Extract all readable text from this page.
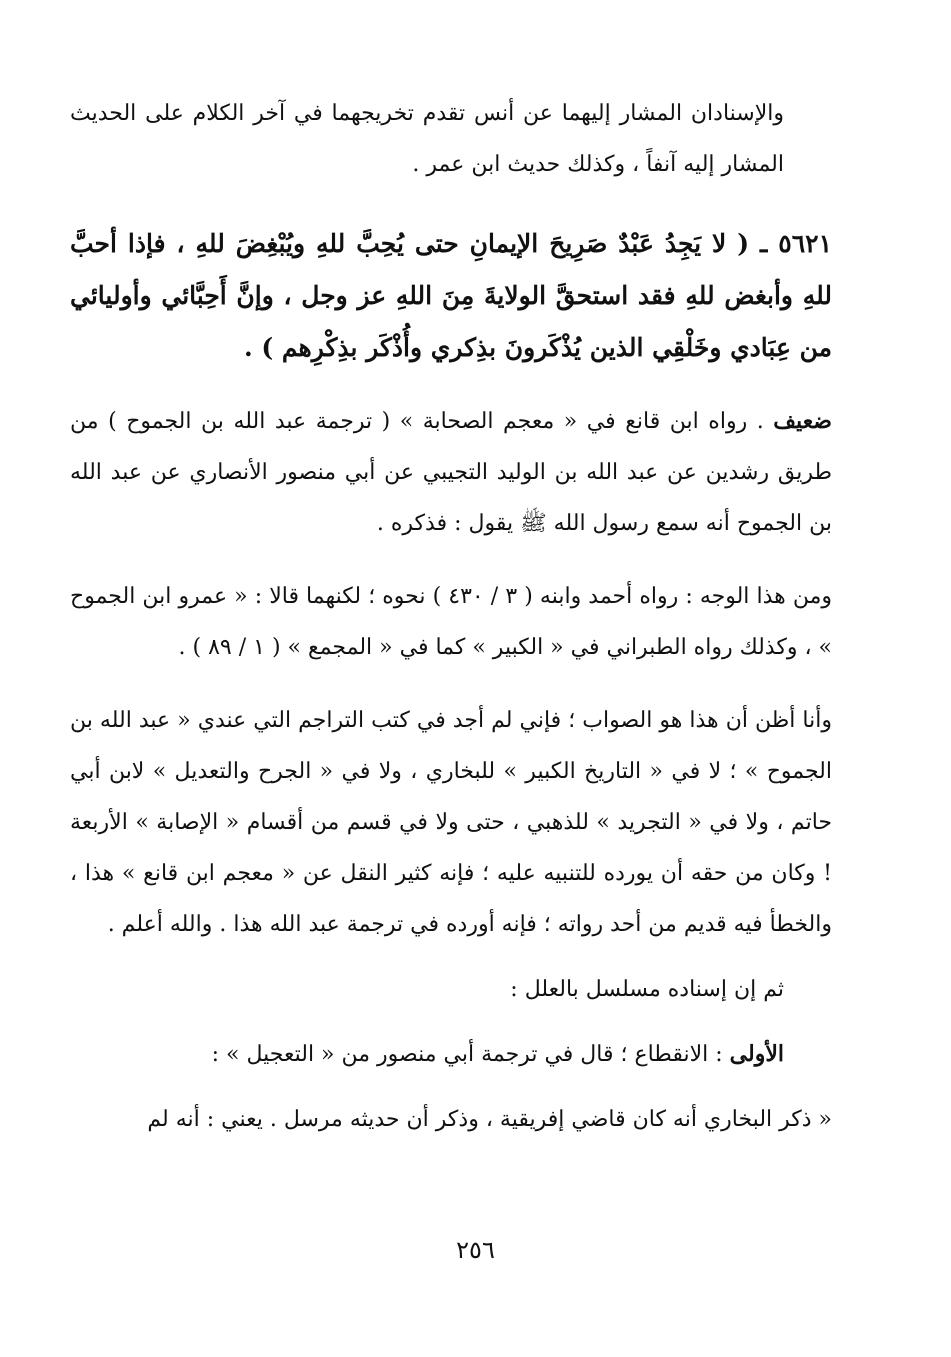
والإسنادان المشار إليهما عن أنس تقدم تخريجهما في آخر الكلام على الحديث المشار إليه آنفاً ، وكذلك حديث ابن عمر .

٥٦٢١ ـ ( لا يَجِدُ عَبْدٌ صَرِيحَ الإيمانِ حتى يُحِبَّ للهِ ويُبْغِضَ للهِ ، فإذا أحبَّ للهِ وأبغض للهِ فقد استحقَّ الولايةَ مِنَ اللهِ عز وجل ، وإنَّ أَحِبَّائي وأوليائي من عِبَادي وخَلْقِي الذين يُذْكَرونَ بذِكري وأُذْكَر بذِكْرِهم ) .

ضعيف . رواه ابن قانع في « معجم الصحابة » ( ترجمة عبد الله بن الجموح ) من طريق رشدين عن عبد الله بن الوليد التجيبي عن أبي منصور الأنصاري عن عبد الله بن الجموح أنه سمع رسول الله ﷺ يقول : فذكره .

ومن هذا الوجه : رواه أحمد وابنه ( ٣ / ٤٣٠ ) نحوه ؛ لكنهما قالا : « عمرو ابن الجموح » ، وكذلك رواه الطبراني في « الكبير » كما في « المجمع » ( ١ / ٨٩ ) .

وأنا أظن أن هذا هو الصواب ؛ فإني لم أجد في كتب التراجم التي عندي « عبد الله بن الجموح » ؛ لا في « التاريخ الكبير » للبخاري ، ولا في « الجرح والتعديل » لابن أبي حاتم ، ولا في « التجريد » للذهبي ، حتى ولا في قسم من أقسام « الإصابة » الأربعة ! وكان من حقه أن يورده للتنبيه عليه ؛ فإنه كثير النقل عن « معجم ابن قانع » هذا ، والخطأ فيه قديم من أحد رواته ؛ فإنه أورده في ترجمة عبد الله هذا . والله أعلم .

ثم إن إسناده مسلسل بالعلل :

الأولى : الانقطاع ؛ قال في ترجمة أبي منصور من « التعجيل » :

« ذكر البخاري أنه كان قاضي إفريقية ، وذكر أن حديثه مرسل . يعني : أنه لم

٢٥٦
